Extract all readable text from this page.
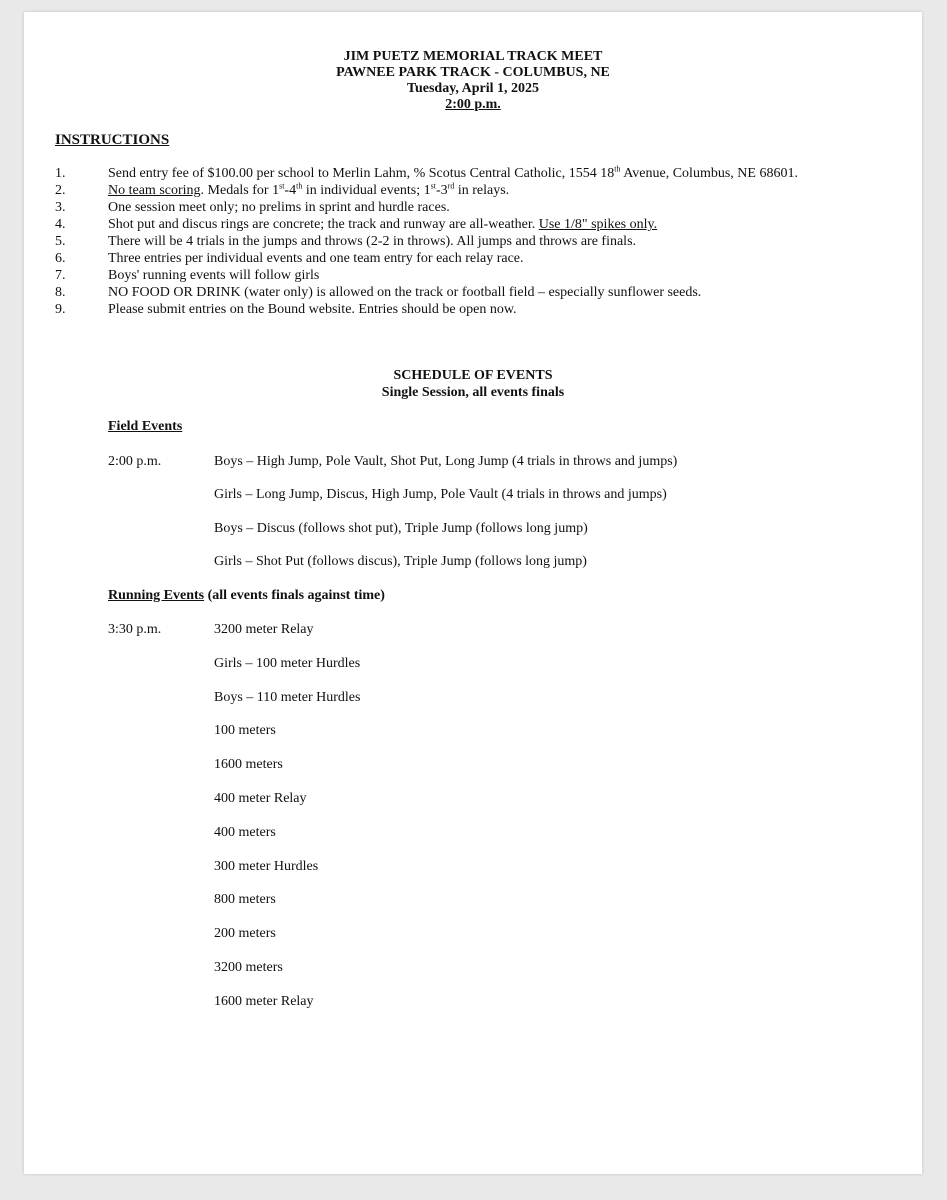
JIM PUETZ MEMORIAL TRACK MEET
PAWNEE PARK TRACK - COLUMBUS, NE
Tuesday, April 1, 2025
2:00 p.m.
INSTRUCTIONS
1.	Send entry fee of $100.00 per school to Merlin Lahm, % Scotus Central Catholic, 1554 18th Avenue, Columbus, NE 68601.
2.	No team scoring. Medals for 1st-4th in individual events; 1st-3rd in relays.
3.	One session meet only; no prelims in sprint and hurdle races.
4.	Shot put and discus rings are concrete; the track and runway are all-weather. Use 1/8" spikes only.
5.	There will be 4 trials in the jumps and throws (2-2 in throws). All jumps and throws are finals.
6.	Three entries per individual events and one team entry for each relay race.
7.	Boys' running events will follow girls
8.	NO FOOD OR DRINK (water only) is allowed on the track or football field – especially sunflower seeds.
9.	Please submit entries on the Bound website. Entries should be open now.
SCHEDULE OF EVENTS
Single Session, all events finals
Field Events
2:00 p.m.	Boys – High Jump, Pole Vault, Shot Put, Long Jump (4 trials in throws and jumps)
Girls – Long Jump, Discus, High Jump, Pole Vault (4 trials in throws and jumps)
Boys – Discus (follows shot put), Triple Jump (follows long jump)
Girls – Shot Put (follows discus), Triple Jump (follows long jump)
Running Events (all events finals against time)
3:30 p.m.	3200 meter Relay
Girls – 100 meter Hurdles
Boys – 110 meter Hurdles
100 meters
1600 meters
400 meter Relay
400 meters
300 meter Hurdles
800 meters
200 meters
3200 meters
1600 meter Relay
